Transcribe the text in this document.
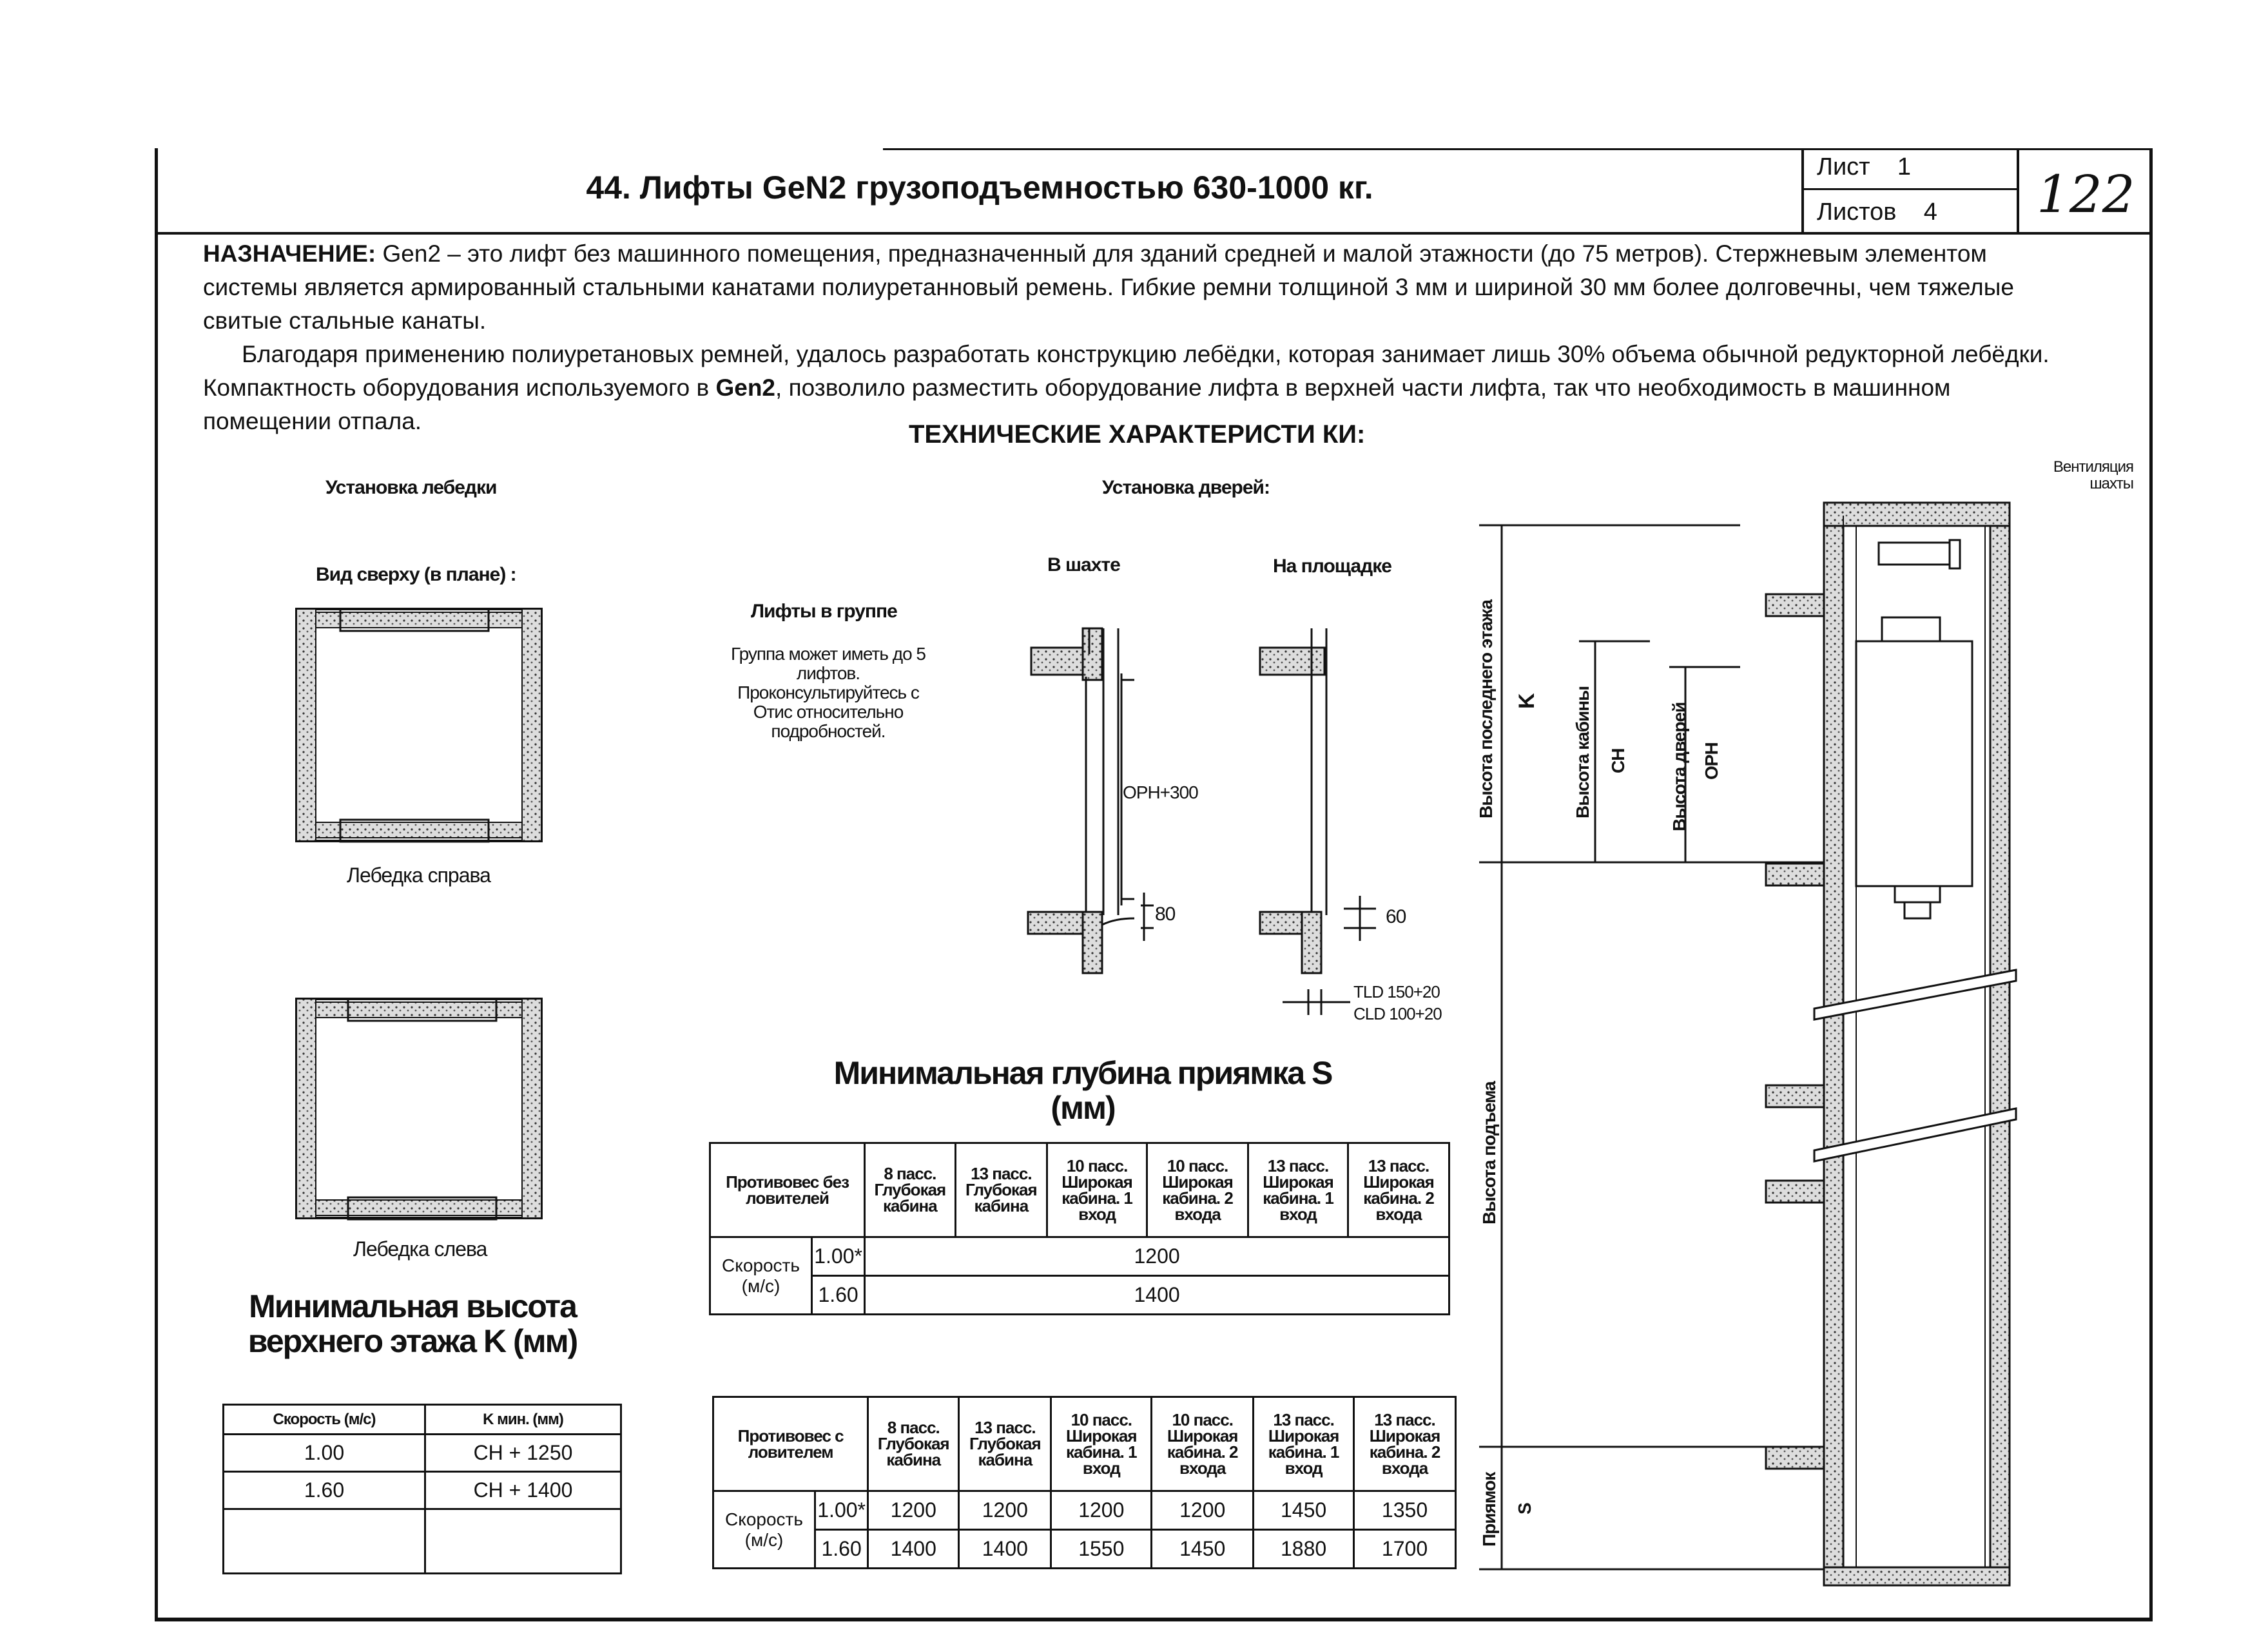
44. Лифты GeN2 грузоподъемностью 630-1000 кг.
Лист 1
Листов 4 122
НАЗНАЧЕНИЕ: Gen2 – это лифт без машинного помещения, предназначенный для зданий средней и малой этажности (до 75 метров). Стержневым элементом системы является армированный стальными канатами полиуретанновый ремень. Гибкие ремни толщиной 3 мм и шириной 30 мм более долговечны, чем тяжелые свитые стальные канаты.
Благодаря применению полиуретановых ремней, удалось разработать конструкцию лебёдки, которая занимает лишь 30% объема обычной редукторной лебёдки. Компактность оборудования используемого в Gen2, позволило разместить оборудование лифта в верхней части лифта, так что необходимость в машинном помещении отпала.	ТЕХНИЧЕСКИЕ ХАРАКТЕРИСТИ КИ:
Установка лебедки
Вид сверху (в плане) :
Лебедка справа
Лебедка слева
Лифты в группе
Группа может иметь до 5 лифтов. Проконсультируйтесь с Отис относительно подробностей.
Установка дверей:
В шахте	На площадке
OPH+300
80	60
TLD 150+20
CLD 100+20
Вентиляция шахты
Высота последнего этажа K Высота кабины CH Высота дверей OPH
Высота подъема
Приямок S
Минимальная глубина приямка S (мм)
Минимальная высота верхнего этажа K (мм)
Противовес без ловителей		8 пасс. Глубокая кабина	13 пасс. Глубокая кабина	10 пасс. Широкая кабина. 1 вход	10 пасс. Широкая кабина. 2 входа	13 пасс. Широкая кабина. 1 вход	13 пасс. Широкая кабина. 2 входа
Скорость (м/с)	1.00*	1200					
	1.60	1400					
Противовес с ловителем		8 пасс. Глубокая кабина	13 пасс. Глубокая кабина	10 пасс. Широкая кабина. 1 вход	10 пасс. Широкая кабина. 2 входа	13 пасс. Широкая кабина. 1 вход	13 пасс. Широкая кабина. 2 входа
Скорость (м/с)	1.00*	1200	1200	1200	1200	1450	1350
	1.60	1400	1400	1550	1450	1880	1700
Скорость (м/с)	K мин. (мм)
1.00	CH + 1250
1.60	CH + 1400
